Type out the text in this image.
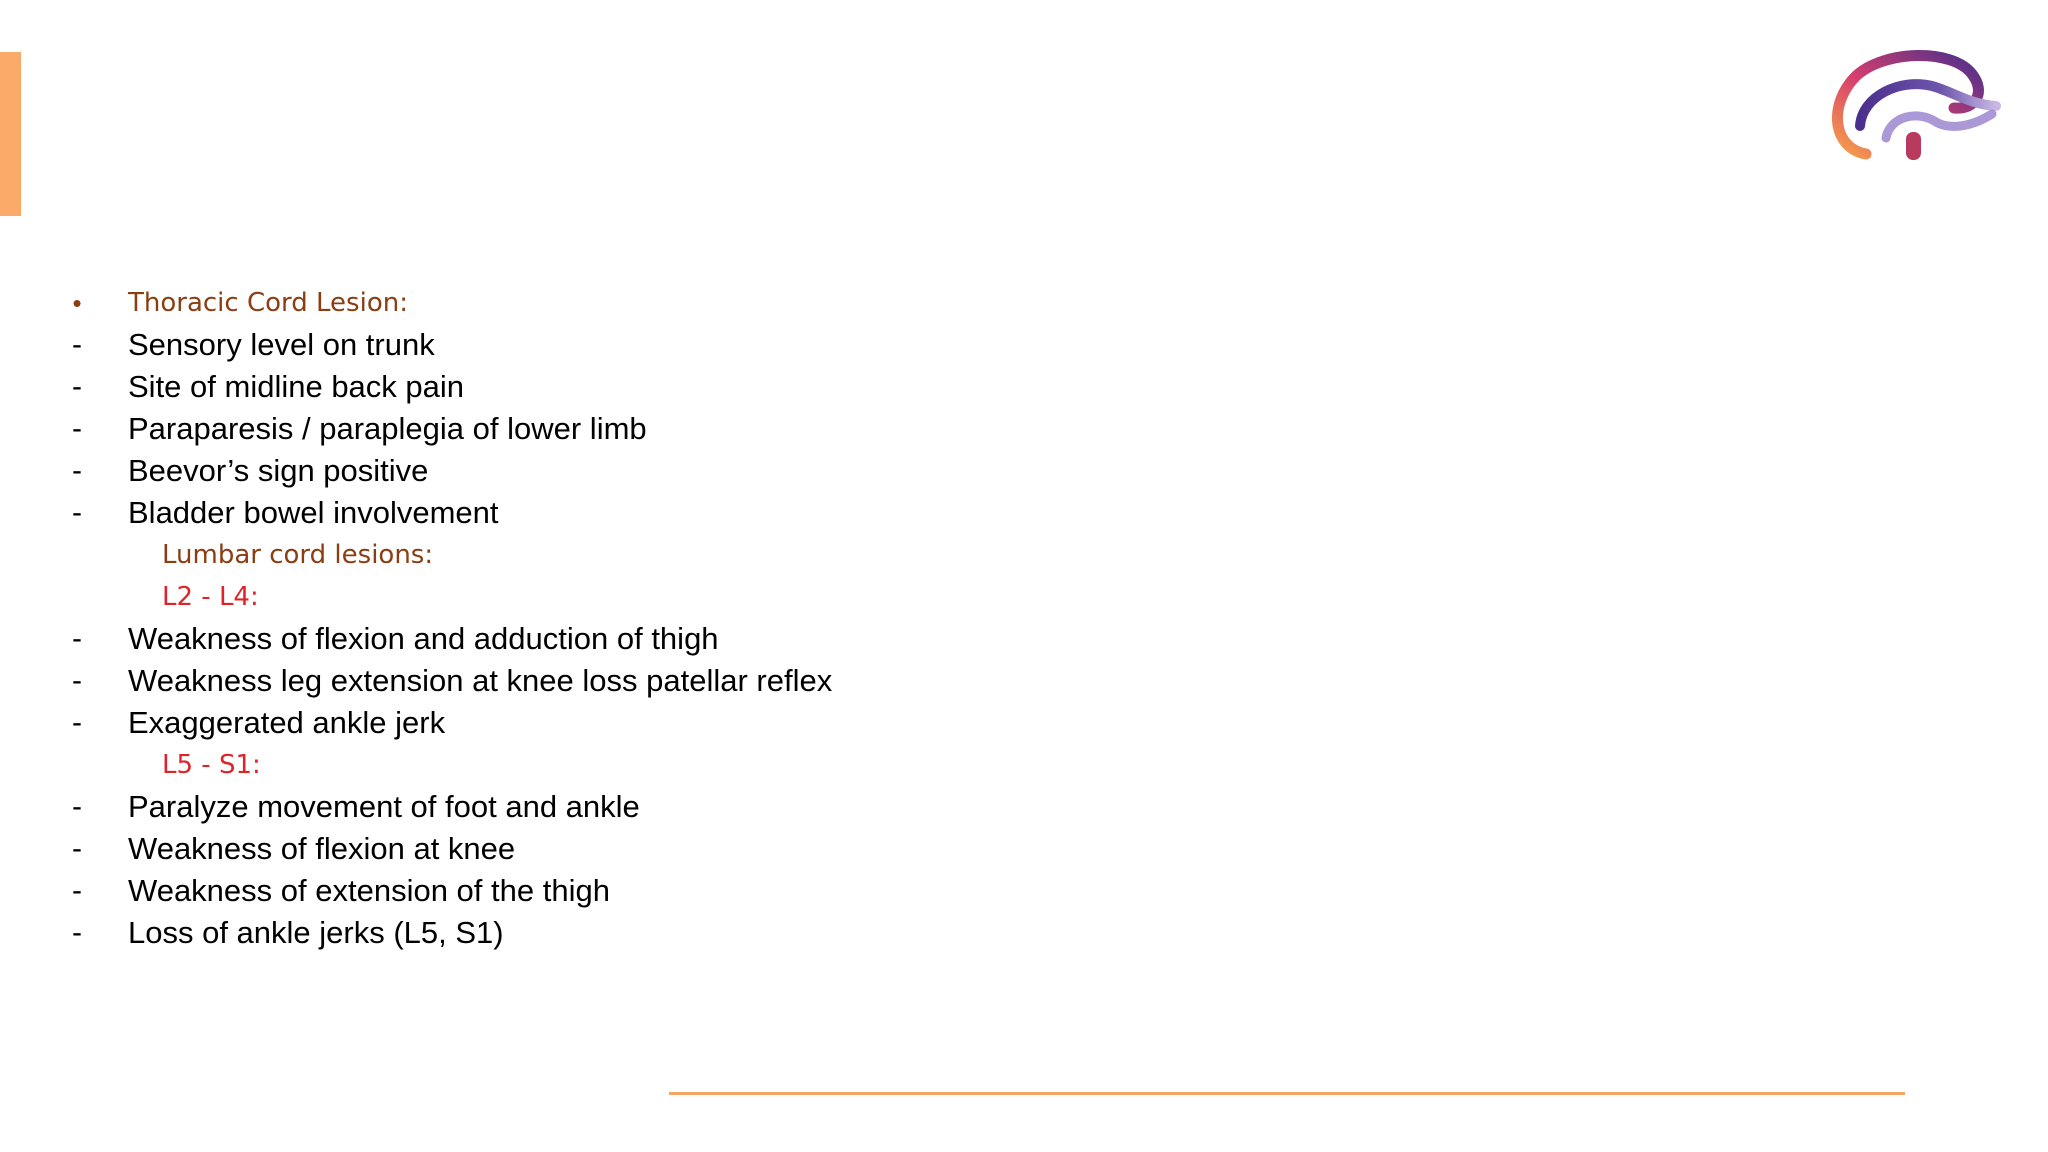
•	Thoracic Cord Lesion:
-	Sensory level on trunk
-	Site of midline back pain
-	Paraparesis / paraplegia of lower limb
-	Beevor’s sign positive
-	Bladder bowel involvement
Lumbar cord lesions:
L2 - L4:
-	Weakness of flexion and adduction of thigh
-	Weakness leg extension at knee loss patellar reflex
-	Exaggerated ankle jerk
L5 - S1:
-	Paralyze movement of foot and ankle
-	Weakness of flexion at knee
-	Weakness of extension of the thigh
-	Loss of ankle jerks (L5, S1)
